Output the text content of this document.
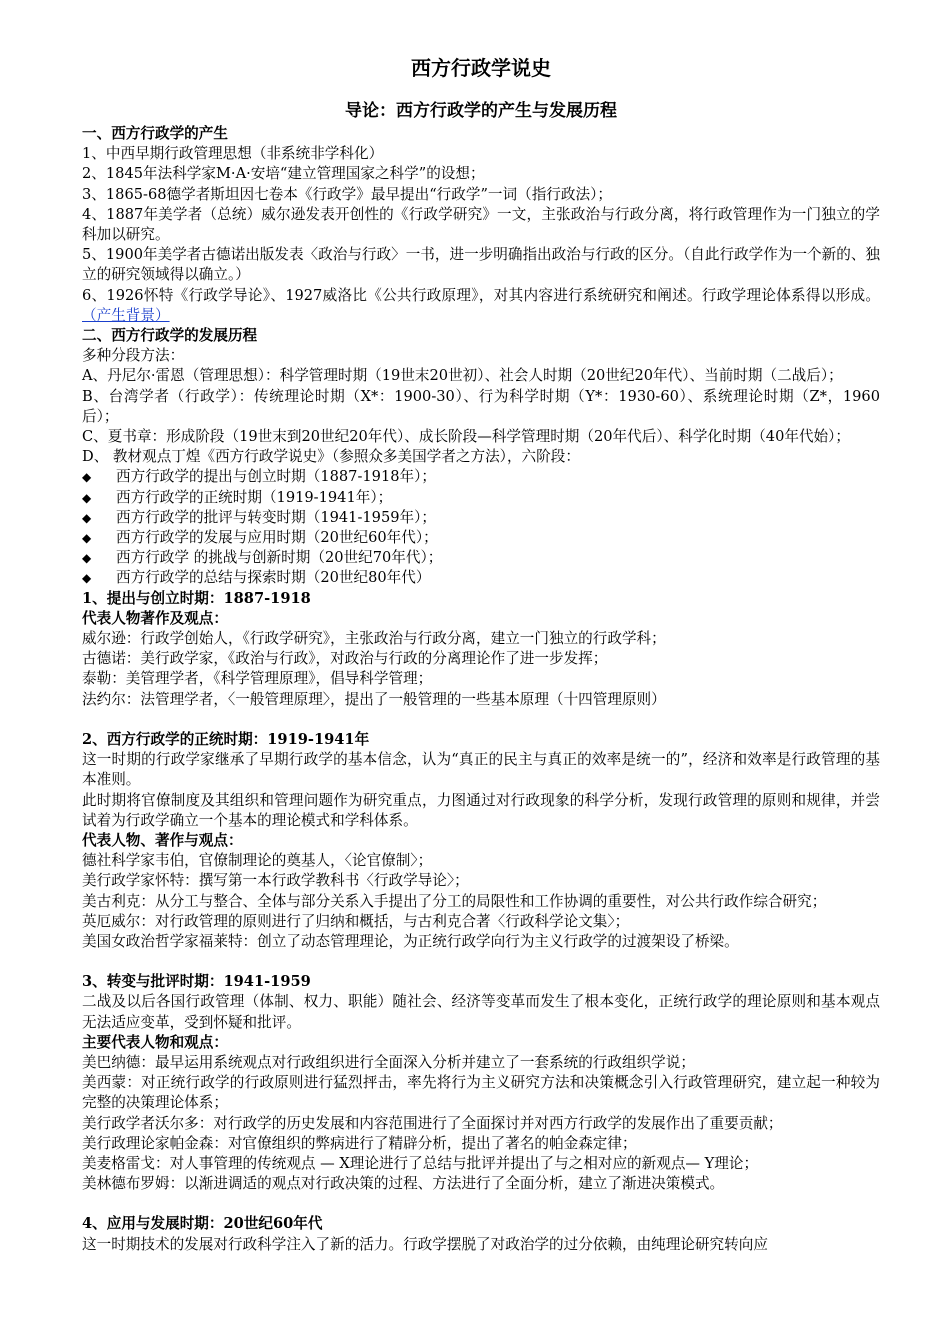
西方行政学说史
导论：西方行政学的产生与发展历程
一、西方行政学的产生
1、中西早期行政管理思想（非系统非学科化）
2、1845年法科学家M·A·安培“建立管理国家之科学”的设想；
3、1865-68德学者斯坦因七卷本《行政学》最早提出“行政学”一词（指行政法）；
4、1887年美学者（总统）威尔逊发表开创性的《行政学研究》一文，主张政治与行政分离，将行政管理作为一门独立的学科加以研究。
5、1900年美学者古德诺出版发表〈政治与行政〉一书，进一步明确指出政治与行政的区分。（自此行政学作为一个新的、独立的研究领域得以确立。）
6、1926怀特《行政学导论》、1927威洛比《公共行政原理》，对其内容进行系统研究和阐述。行政学理论体系得以形成。（产生背景）
二、西方行政学的发展历程
多种分段方法：
A、丹尼尔·雷恩（管理思想）：科学管理时期（19世末20世初）、社会人时期（20世纪20年代）、当前时期（二战后）；
B、台湾学者（行政学）：传统理论时期（X*：1900-30）、行为科学时期（Y*：1930-60）、系统理论时期（Z*，1960后）；
C、夏书章：形成阶段（19世末到20世纪20年代）、成长阶段—科学管理时期（20年代后）、科学化时期（40年代始）；
D、 教材观点丁煌《西方行政学说史》（参照众多美国学者之方法），六阶段：
◆	西方行政学的提出与创立时期（1887-1918年）；
◆	西方行政学的正统时期（1919-1941年）；
◆	西方行政学的批评与转变时期（1941-1959年）；
◆	西方行政学的发展与应用时期（20世纪60年代）；
◆	西方行政学 的挑战与创新时期（20世纪70年代）；
◆	西方行政学的总结与探索时期（20世纪80年代）
1、提出与创立时期：1887-1918
代表人物著作及观点：
威尔逊：行政学创始人，《行政学研究》，主张政治与行政分离，建立一门独立的行政学科；
古德诺：美行政学家，《政治与行政》，对政治与行政的分离理论作了进一步发挥；
泰勒：美管理学者，《科学管理原理》，倡导科学管理；
法约尔：法管理学者，〈一般管理原理〉，提出了一般管理的一些基本原理（十四管理原则）
2、西方行政学的正统时期：1919-1941年
这一时期的行政学家继承了早期行政学的基本信念，认为“真正的民主与真正的效率是统一的”，经济和效率是行政管理的基本准则。
此时期将官僚制度及其组织和管理问题作为研究重点，力图通过对行政现象的科学分析，发现行政管理的原则和规律，并尝试着为行政学确立一个基本的理论模式和学科体系。
代表人物、著作与观点：
德社科学家韦伯，官僚制理论的奠基人，〈论官僚制〉；
美行政学家怀特：撰写第一本行政学教科书〈行政学导论〉；
美古利克：从分工与整合、全体与部分关系入手提出了分工的局限性和工作协调的重要性，对公共行政作综合研究；
英厄威尔：对行政管理的原则进行了归纳和概括，与古利克合著〈行政科学论文集〉；
美国女政治哲学家福莱特：创立了动态管理理论，为正统行政学向行为主义行政学的过渡架设了桥梁。
3、转变与批评时期：1941-1959
二战及以后各国行政管理（体制、权力、职能）随社会、经济等变革而发生了根本变化，正统行政学的理论原则和基本观点无法适应变革，受到怀疑和批评。
主要代表人物和观点：
美巴纳德：最早运用系统观点对行政组织进行全面深入分析并建立了一套系统的行政组织学说；
美西蒙：对正统行政学的行政原则进行猛烈抨击，率先将行为主义研究方法和决策概念引入行政管理研究，建立起一种较为完整的决策理论体系；
美行政学者沃尔多：对行政学的历史发展和内容范围进行了全面探讨并对西方行政学的发展作出了重要贡献；
美行政理论家帕金森：对官僚组织的弊病进行了精辟分析，提出了著名的帕金森定律；
美麦格雷戈：对人事管理的传统观点 — X理论进行了总结与批评并提出了与之相对应的新观点— Y理论；
美林德布罗姆：以渐进调适的观点对行政决策的过程、方法进行了全面分析，建立了渐进决策模式。
4、应用与发展时期：20世纪60年代
这一时期技术的发展对行政科学注入了新的活力。行政学摆脱了对政治学的过分依赖，由纯理论研究转向应
